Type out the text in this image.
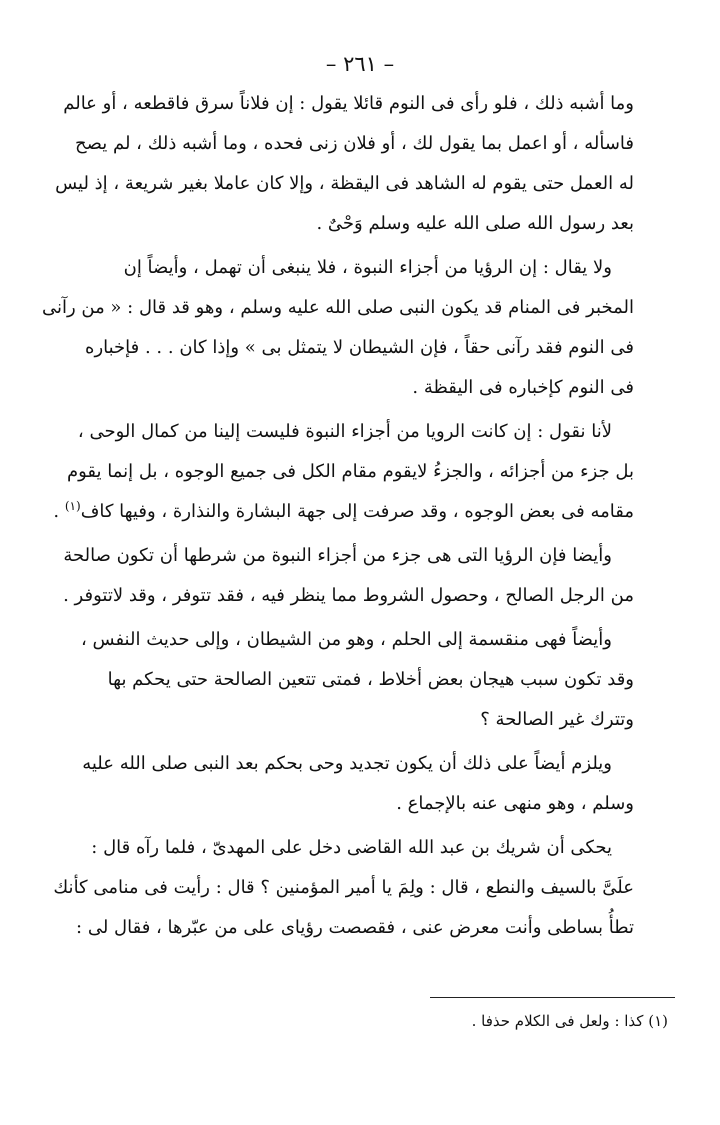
– ٢٦١ –

وما أشبه ذلك ، فلو رأى فى النوم قائلا يقول : إن فلاناً سرق فاقطعه ، أو عالم
فاسأله ، أو اعمل بما يقول لك ، أو فلان زنى فحده ، وما أشبه ذلك ، لم يصح
له العمل حتى يقوم له الشاهد فى اليقظة ، وإلا كان عاملا بغير شريعة ، إذ ليس
بعد رسول الله صلى الله عليه وسلم وَحْىٌ .

ولا يقال : إن الرؤيا من أجزاء النبوة ، فلا ينبغى أن تهمل ، وأيضاً إن
المخبر فى المنام قد يكون النبى صلى الله عليه وسلم ، وهو قد قال : « من رآنى
فى النوم فقد رآنى حقاً ، فإن الشيطان لا يتمثل بى » وإذا كان . . . فإخباره
فى النوم كإخباره فى اليقظة .

لأنا نقول : إن كانت الرويا من أجزاء النبوة فليست إلينا من كمال الوحى ،
بل جزء من أجزائه ، والجزءُ لايقوم مقام الكل فى جميع الوجوه ، بل إنما يقوم
مقامه فى بعض الوجوه ، وقد صرفت إلى جهة البشارة والنذارة ، وفيها كاف$^{(١)}$ .

وأيضا فإن الرؤيا التى هى جزء من أجزاء النبوة من شرطها أن تكون صالحة
من الرجل الصالح ، وحصول الشروط مما ينظر فيه ، فقد تتوفر ، وقد لاتتوفر .

وأيضاً فهى منقسمة إلى الحلم ، وهو من الشيطان ، وإلى حديث النفس ،
وقد تكون سبب هيجان بعض أخلاط ، فمتى تتعين الصالحة حتى يحكم بها
وتترك غير الصالحة ؟

ويلزم أيضاً على ذلك أن يكون تجديد وحى بحكم بعد النبى صلى الله عليه
وسلم ، وهو منهى عنه بالإجماع .

يحكى أن شريك بن عبد الله القاضى دخل على المهدىّ ، فلما رآه قال :
علَىَّ بالسيف والنطع ، قال : ولِمَ يا أمير المؤمنين ؟ قال : رأيت فى منامى كأنك
تطأُ بساطى وأنت معرض عنى ، فقصصت رؤياى على من عبّرها ، فقال لى :

(١) كذا : ولعل فى الكلام حذفا .
